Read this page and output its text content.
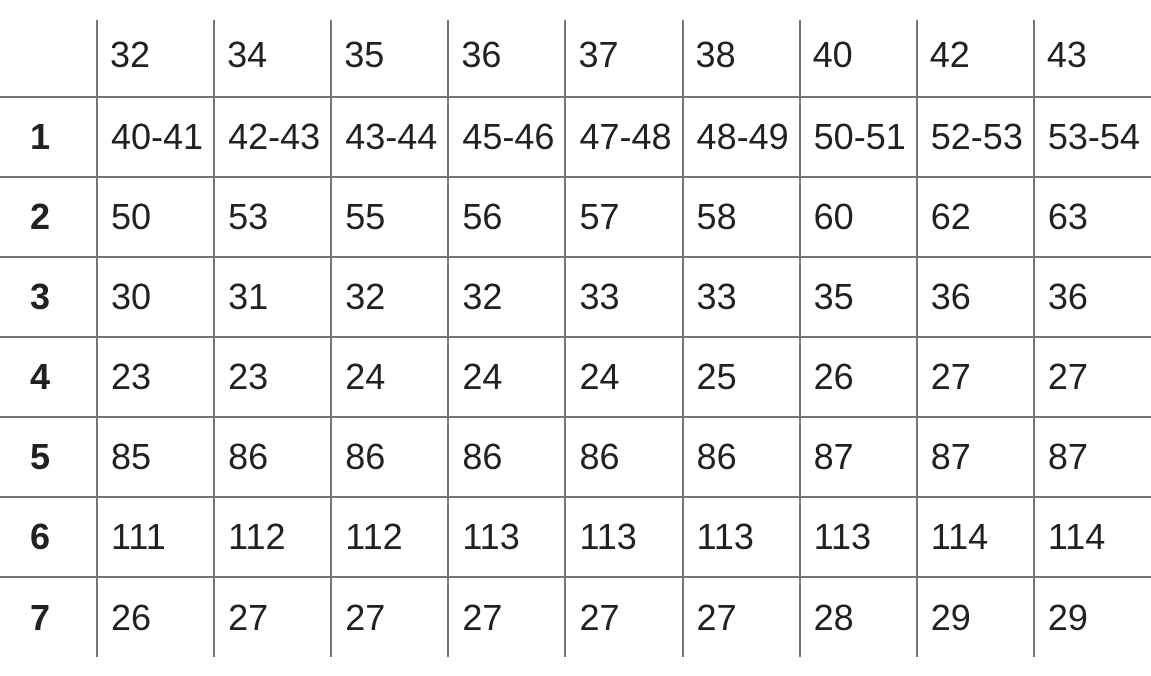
	32	34	35	36	37	38	40	42	43
1	40-41	42-43	43-44	45-46	47-48	48-49	50-51	52-53	53-54
2	50	53	55	56	57	58	60	62	63
3	30	31	32	32	33	33	35	36	36
4	23	23	24	24	24	25	26	27	27
5	85	86	86	86	86	86	87	87	87
6	111	112	112	113	113	113	113	114	114
7	26	27	27	27	27	27	28	29	29
